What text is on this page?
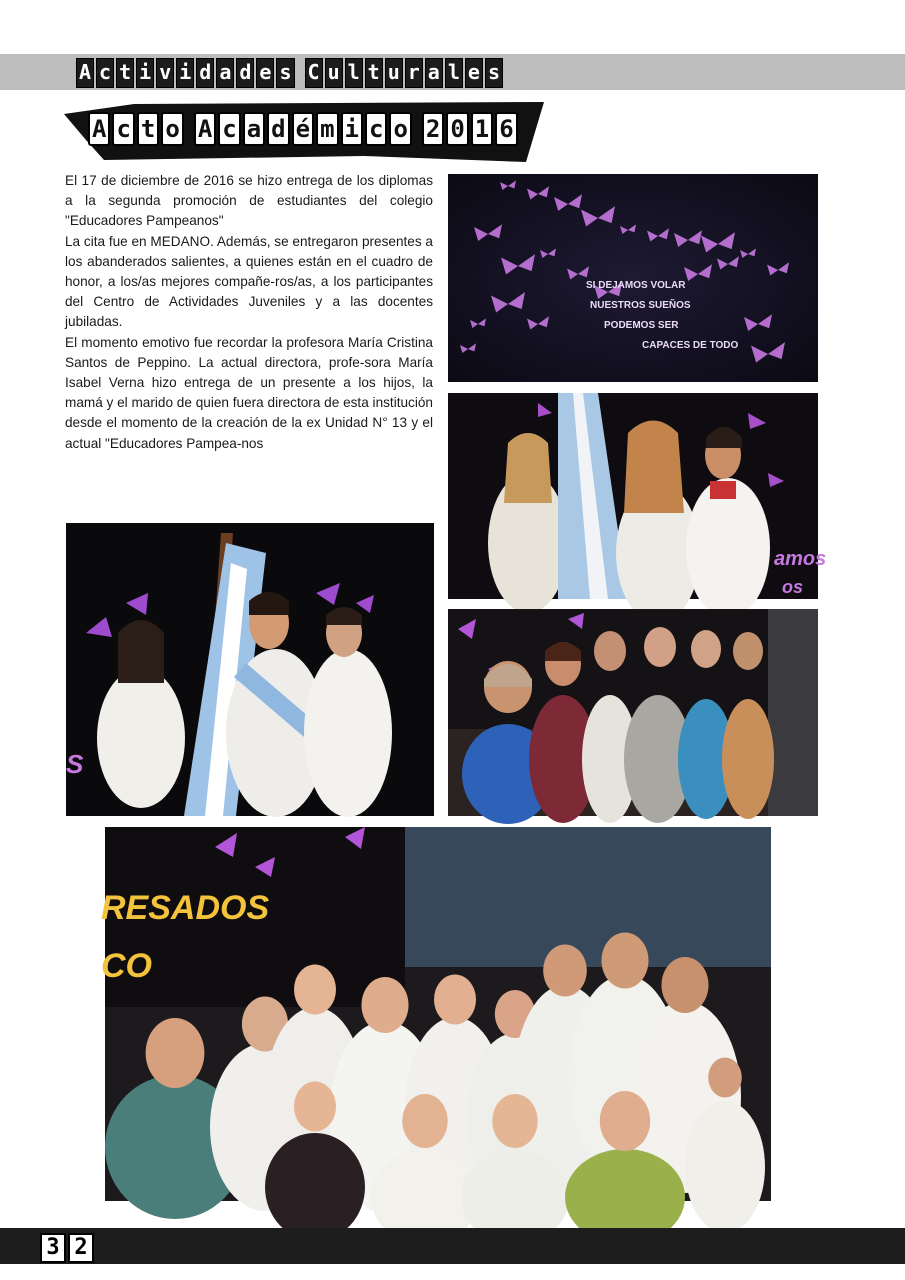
A c t i v i d a d e s C u l t u r a l e s
A c t o A c a d é m i c o 2 0 1 6

El 17 de diciembre de 2016 se hizo entrega de los diplomas a la segunda promoción de estudiantes del colegio "Educadores Pampeanos"

La cita fue en MEDANO. Además, se entregaron presentes a los abanderados salientes, a quienes están en el cuadro de honor, a los/as mejores compañe-ros/as, a los participantes del Centro de Actividades Juveniles y a las docentes jubiladas.

El momento emotivo fue recordar la profesora María Cristina Santos de Peppino. La actual directora, profe-sora María Isabel Verna hizo entrega de un presente a los hijos, la mamá y el marido de quien fuera directora de esta institución desde el momento de la creación de la ex Unidad N° 13 y el actual "Educadores Pampea-nos

SI DEJAMOS VOLAR
NUESTROS SUEÑOS
PODEMOS SER
CAPACES DE TODO
amos
os
S
RESADOS
CO
3 2
